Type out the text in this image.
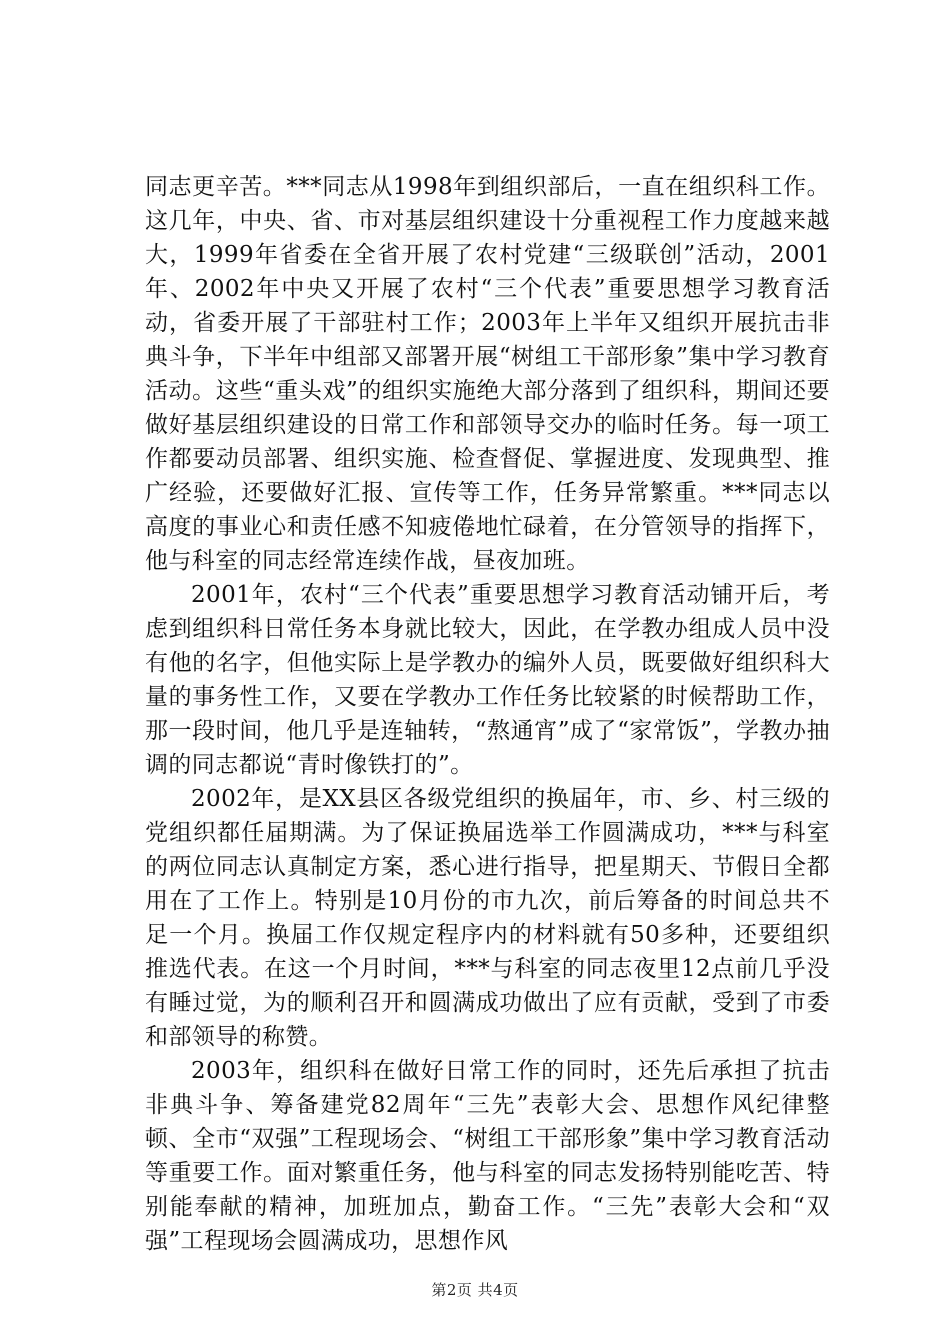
同志更辛苦。***同志从1998年到组织部后，一直在组织科工作。这几年，中央、省、市对基层组织建设十分重视程工作力度越来越大，1999年省委在全省开展了农村党建“三级联创”活动，2001年、2002年中央又开展了农村“三个代表”重要思想学习教育活动，省委开展了干部驻村工作；2003年上半年又组织开展抗击非典斗争，下半年中组部又部署开展“树组工干部形象”集中学习教育活动。这些“重头戏”的组织实施绝大部分落到了组织科，期间还要做好基层组织建设的日常工作和部领导交办的临时任务。每一项工作都要动员部署、组织实施、检查督促、掌握进度、发现典型、推广经验，还要做好汇报、宣传等工作，任务异常繁重。***同志以高度的事业心和责任感不知疲倦地忙碌着，在分管领导的指挥下，他与科室的同志经常连续作战，昼夜加班。

2001年，农村“三个代表”重要思想学习教育活动铺开后，考虑到组织科日常任务本身就比较大，因此，在学教办组成人员中没有他的名字，但他实际上是学教办的编外人员，既要做好组织科大量的事务性工作，又要在学教办工作任务比较紧的时候帮助工作，那一段时间，他几乎是连轴转，“熬通宵”成了“家常饭”，学教办抽调的同志都说“青时像铁打的”。

2002年，是XX县区各级党组织的换届年，市、乡、村三级的党组织都任届期满。为了保证换届选举工作圆满成功，***与科室的两位同志认真制定方案，悉心进行指导，把星期天、节假日全都用在了工作上。特别是10月份的市九次，前后筹备的时间总共不足一个月。换届工作仅规定程序内的材料就有50多种，还要组织推选代表。在这一个月时间，***与科室的同志夜里12点前几乎没有睡过觉，为的顺利召开和圆满成功做出了应有贡献，受到了市委和部领导的称赞。

2003年，组织科在做好日常工作的同时，还先后承担了抗击非典斗争、筹备建党82周年“三先”表彰大会、思想作风纪律整顿、全市“双强”工程现场会、“树组工干部形象”集中学习教育活动等重要工作。面对繁重任务，他与科室的同志发扬特别能吃苦、特别能奉献的精神，加班加点，勤奋工作。“三先”表彰大会和“双强”工程现场会圆满成功，思想作风

第2页 共4页
